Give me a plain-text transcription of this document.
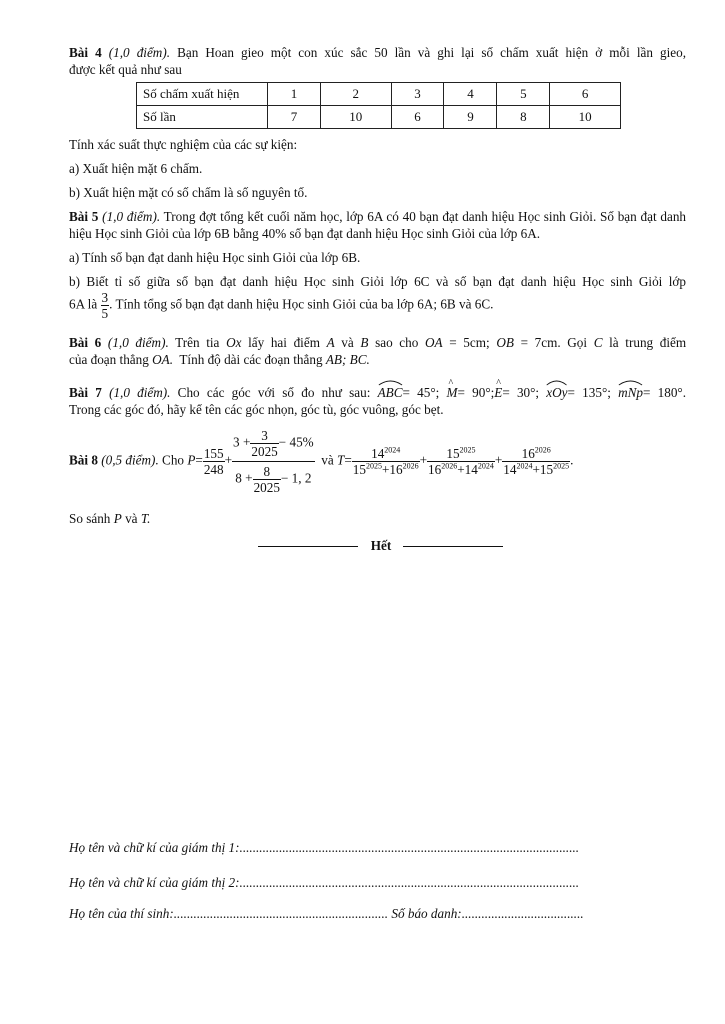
Bài 4 (1,0 điểm). Bạn Hoan gieo một con xúc sắc 50 lần và ghi lại số chấm xuất hiện ở mỗi lần gieo,
được kết quả như sau
Số chấm xuất hiện	1	2	3	4	5	6
Số lần	7	10	6	9	8	10
Tính xác suất thực nghiệm của các sự kiện:
a) Xuất hiện mặt 6 chấm.
b) Xuất hiện mặt có số chấm là số nguyên tố.
Bài 5 (1,0 điểm). Trong đợt tổng kết cuối năm học, lớp 6A có 40 bạn đạt danh hiệu Học sinh Giỏi. Số bạn đạt danh hiệu Học sinh Giỏi của lớp 6B bằng 40% số bạn đạt danh hiệu Học sinh Giỏi của lớp 6A.
a) Tính số bạn đạt danh hiệu Học sinh Giỏi của lớp 6B.
b) Biết tỉ số giữa số bạn đạt danh hiệu Học sinh Giỏi lớp 6C và số bạn đạt danh hiệu Học sinh Giỏi lớp
6A là $\frac{3}{5}$ . Tính tổng số bạn đạt danh hiệu Học sinh Giỏi của ba lớp 6A; 6B và 6C.
Bài 6 (1,0 điểm). Trên tia Ox lấy hai điểm A và B sao cho OA = 5cm; OB = 7cm. Gọi C là trung điểm
của đoạn thẳng OA. Tính độ dài các đoạn thẳng AB; BC.
Bài 7 (1,0 điểm). Cho các góc với số đo như sau: ABC= 45°; ^ M= 90°;^ E= 30°; xOy= 135°; mNp= 180°.
Trong các góc đó, hãy kể tên các góc nhọn, góc tù, góc vuông, góc bẹt.
Bài 8 (0,5 điểm). Cho $P= \frac{155}{248} + \frac{3 + \frac{3}{2025} - 45\%}{8 + \frac{8}{2025} - 1, 2}$ và $T= \frac{14^{2024}}{15^{2025}+16^{2026}} + \frac{15^{2025}}{16^{2026}+14^{2024}} + \frac{16^{2026}}{14^{2024}+15^{2025}}$ .
So sánh P và T.
Hết
Họ tên và chữ kí của giám thị 1:.......................................................................................................
Họ tên và chữ kí của giám thị 2:.......................................................................................................
Họ tên của thí sinh:................................................................. Số báo danh:.....................................
